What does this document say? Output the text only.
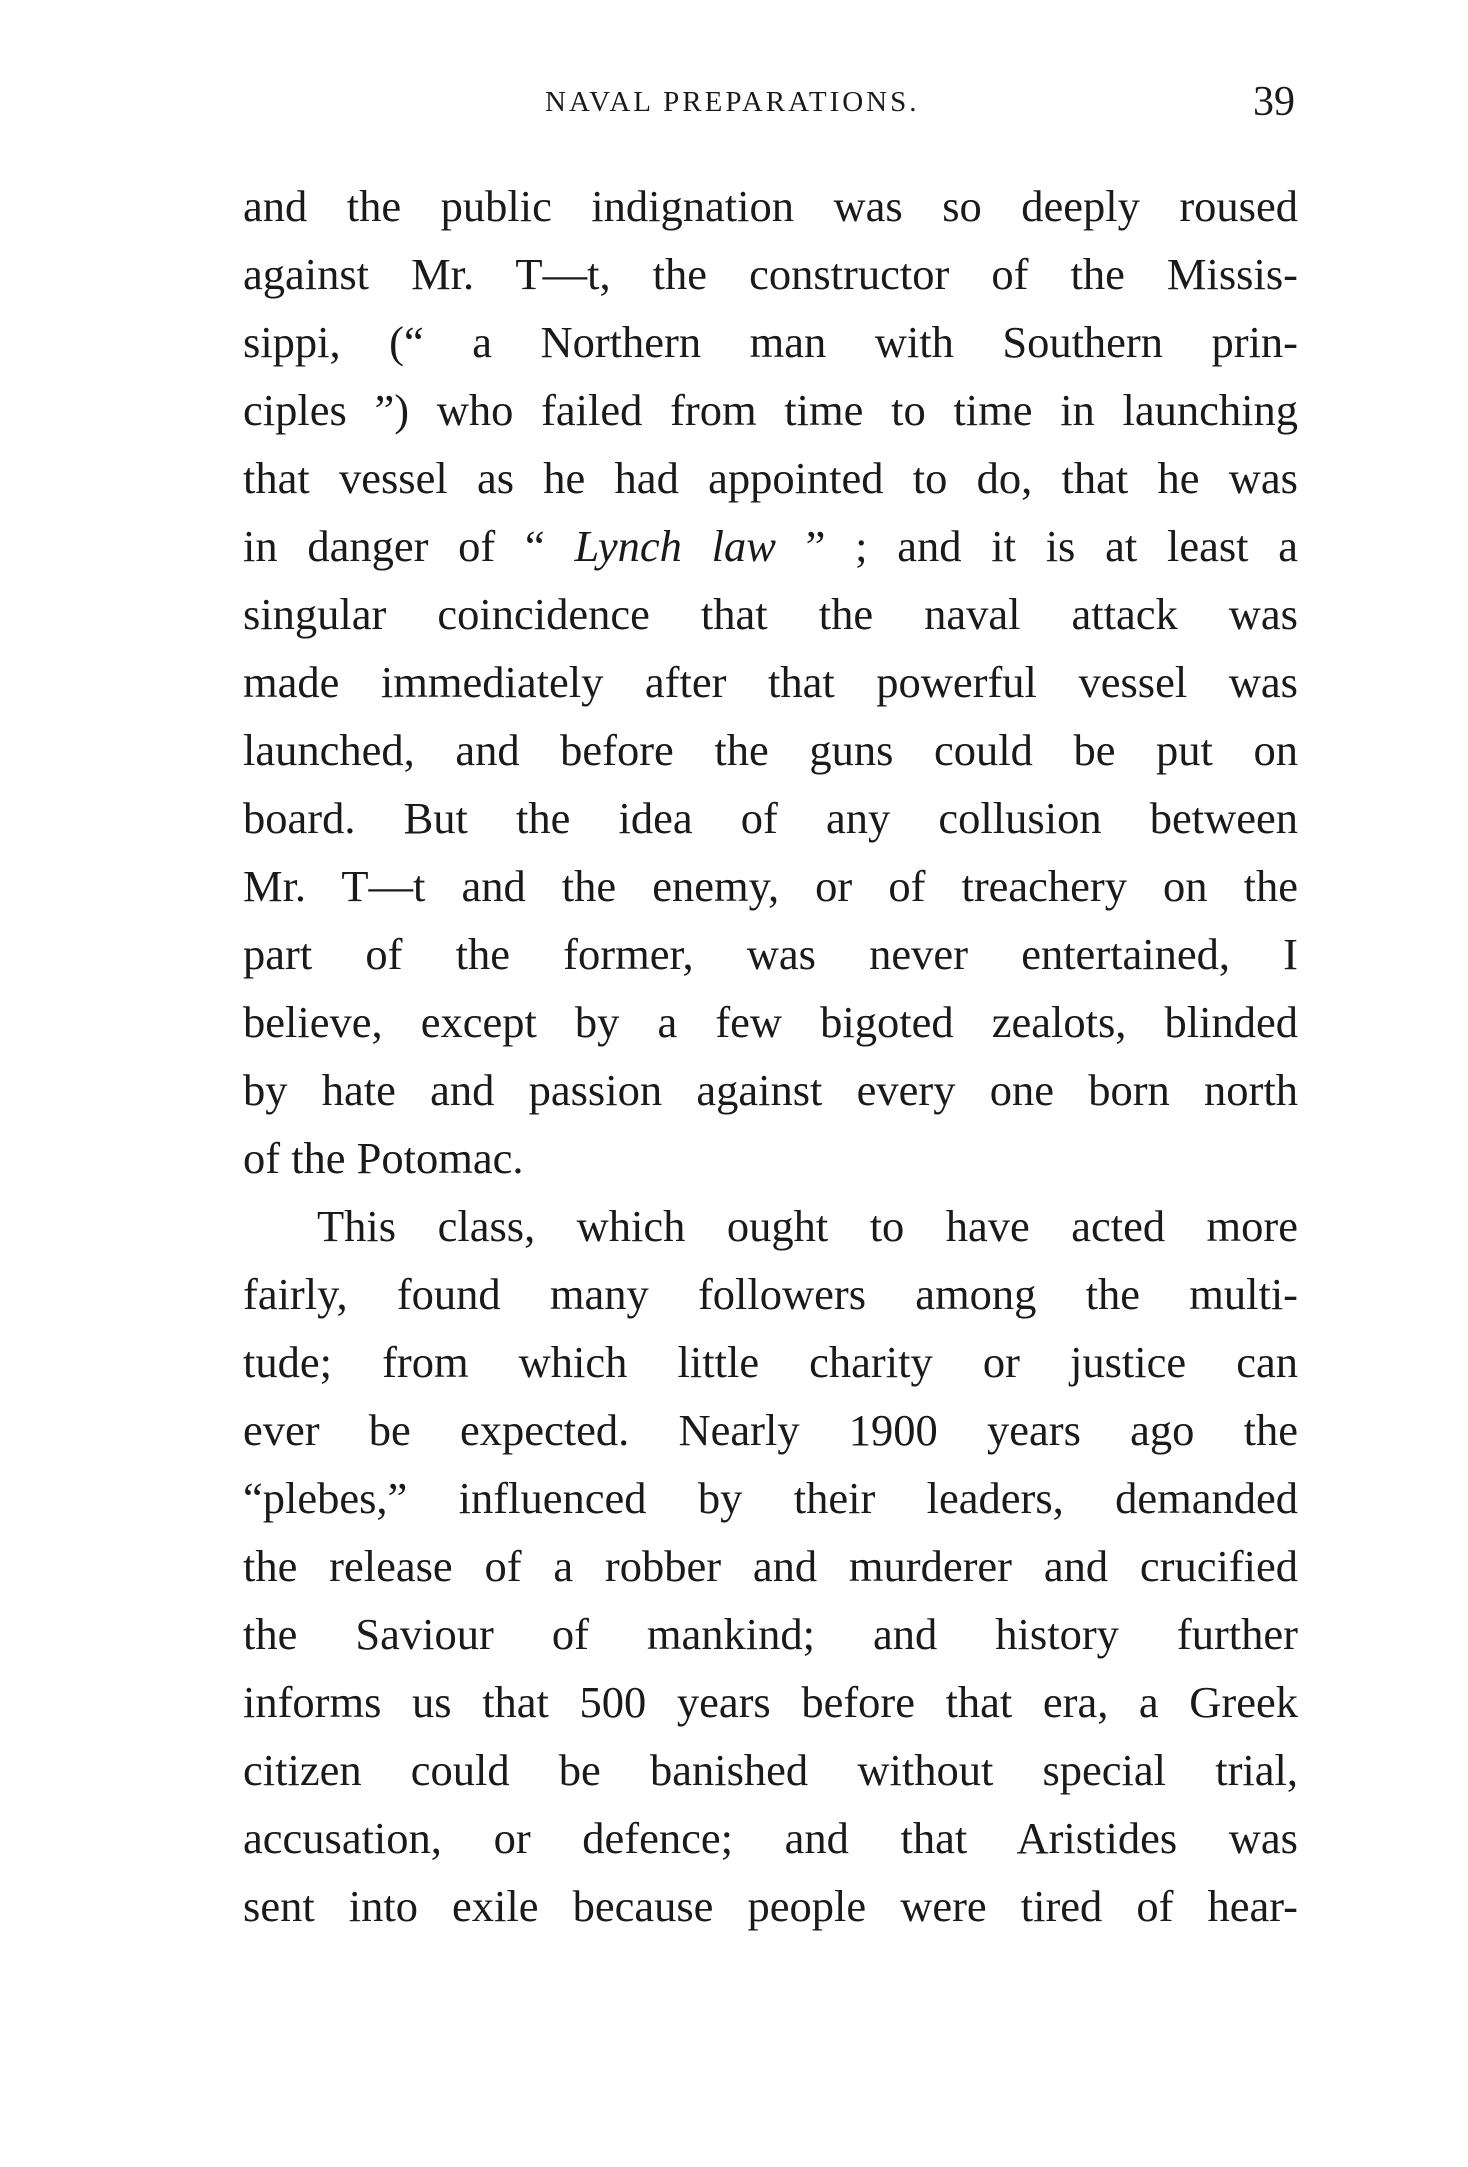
NAVAL PREPARATIONS.	39
and the public indignation was so deeply roused
against Mr. T—t, the constructor of the Missis-
sippi, (“ a Northern man with Southern prin-
ciples ”) who failed from time to time in launching
that vessel as he had appointed to do, that he was
in danger of “ Lynch law ” ; and it is at least a
singular coincidence that the naval attack was
made immediately after that powerful vessel was
launched, and before the guns could be put on
board. But the idea of any collusion between
Mr. T—t and the enemy, or of treachery on the
part of the former, was never entertained, I
believe, except by a few bigoted zealots, blinded
by hate and passion against every one born north
of the Potomac.
This class, which ought to have acted more
fairly, found many followers among the multi-
tude; from which little charity or justice can
ever be expected. Nearly 1900 years ago the
“plebes,” influenced by their leaders, demanded
the release of a robber and murderer and crucified
the Saviour of mankind; and history further
informs us that 500 years before that era, a Greek
citizen could be banished without special trial,
accusation, or defence; and that Aristides was
sent into exile because people were tired of hear-
